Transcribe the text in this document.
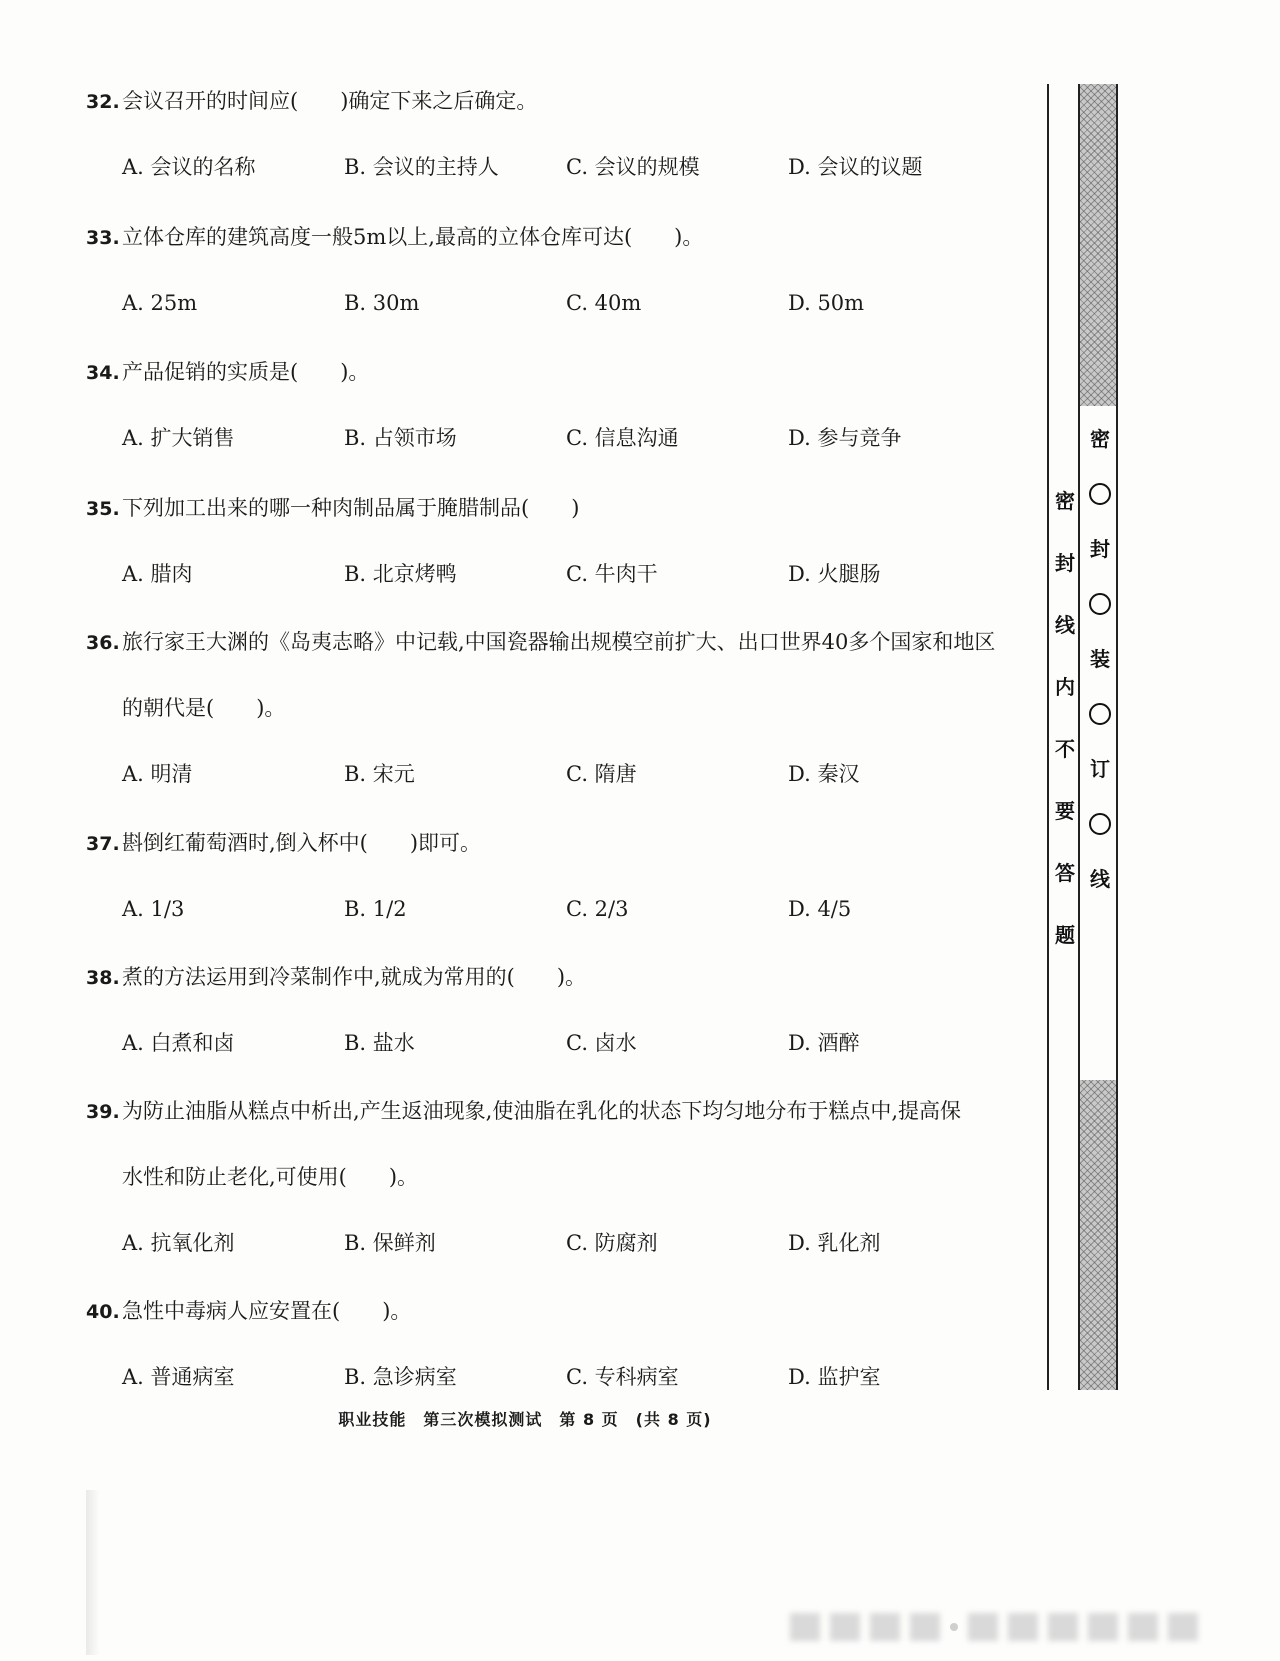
32. 会议召开的时间应(　　)确定下来之后确定。
A. 会议的名称	B. 会议的主持人	C. 会议的规模	D. 会议的议题
33. 立体仓库的建筑高度一般5m以上,最高的立体仓库可达(　　)。
A. 25m	B. 30m	C. 40m	D. 50m
34. 产品促销的实质是(　　)。
A. 扩大销售	B. 占领市场	C. 信息沟通	D. 参与竞争
35. 下列加工出来的哪一种肉制品属于腌腊制品(　　)
A. 腊肉	B. 北京烤鸭	C. 牛肉干	D. 火腿肠
36. 旅行家王大渊的《岛夷志略》中记载,中国瓷器输出规模空前扩大、出口世界40多个国家和地区
的朝代是(　　)。
A. 明清	B. 宋元	C. 隋唐	D. 秦汉
37. 斟倒红葡萄酒时,倒入杯中(　　)即可。
A. 1/3	B. 1/2	C. 2/3	D. 4/5
38. 煮的方法运用到冷菜制作中,就成为常用的(　　)。
A. 白煮和卤	B. 盐水	C. 卤水	D. 酒醉
39. 为防止油脂从糕点中析出,产生返油现象,使油脂在乳化的状态下均匀地分布于糕点中,提高保
水性和防止老化,可使用(　　)。
A. 抗氧化剂	B. 保鲜剂	C. 防腐剂	D. 乳化剂
40. 急性中毒病人应安置在(　　)。
A. 普通病室	B. 急诊病室	C. 专科病室	D. 监护室
职业技能　第三次模拟测试　第 8 页　(共 8 页)
密
封
装
订
线
密
封
线
内
不
要
答
题
